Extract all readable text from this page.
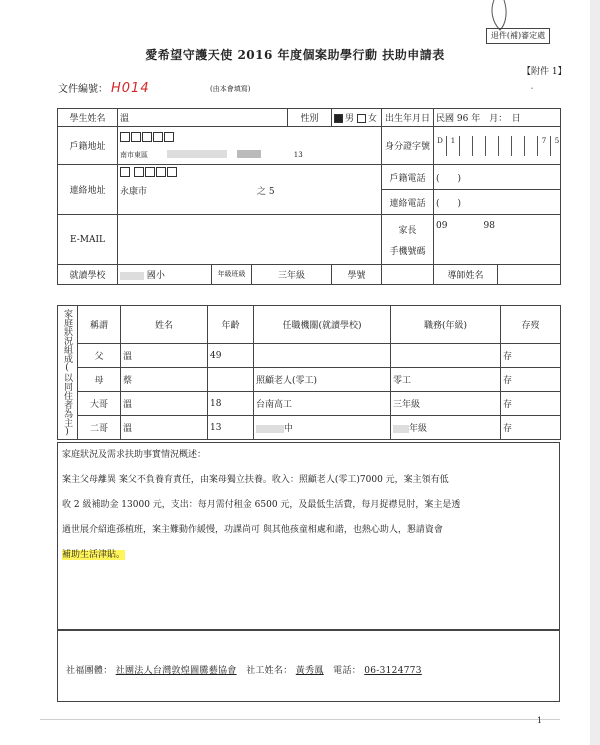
退件(補)審定處
愛希望守護天使 2016 年度個案助學行動 扶助申請表
【附件 1】
文件編號： H014	(由本會填寫)	・
學生姓名	溫			性別	男 女	出生年月日	民國 96 年　月：　日	
戶籍地址	南市東區 13					身分證字號	D 1 7 5	
連絡地址	永康市 之 5					戶籍電話	(　　)	
						連絡電話	(　　)	
E-MAIL						家長
手機號碼	09 98	
就讀學校	國小	年級班級	三年級		學號		導師姓名	
家庭狀況組成(以同住者為主)	稱謂	姓名	年齡	任職機關(就讀學校)	職務(年級)	存歿
	父	溫	49			存
	母	蔡		照顧老人(零工)	零工	存
	大哥	溫	18	台南高工	三年級	存
	二哥	溫	13	中	年級	存

家庭狀況及需求扶助事實情況概述：

案主父母離異 案父不負養育責任，由案母獨立扶養。收入：照顧老人(零工)7000 元，案主領有低

收 2 級補助金 13000 元，支出：每月需付租金 6500 元，及最低生活費，每月捉襟見肘，案主是透

過世展介紹進孫植班，案主難動作緩慢，功課尚可 與其他孩童相處和諧，也熱心助人，懇請資會

補助生活津貼。

社福團體： 社團法人台灣敦煌圖騰藝協會 社工姓名： 黃秀鳳 電話： 06-3124773
1
